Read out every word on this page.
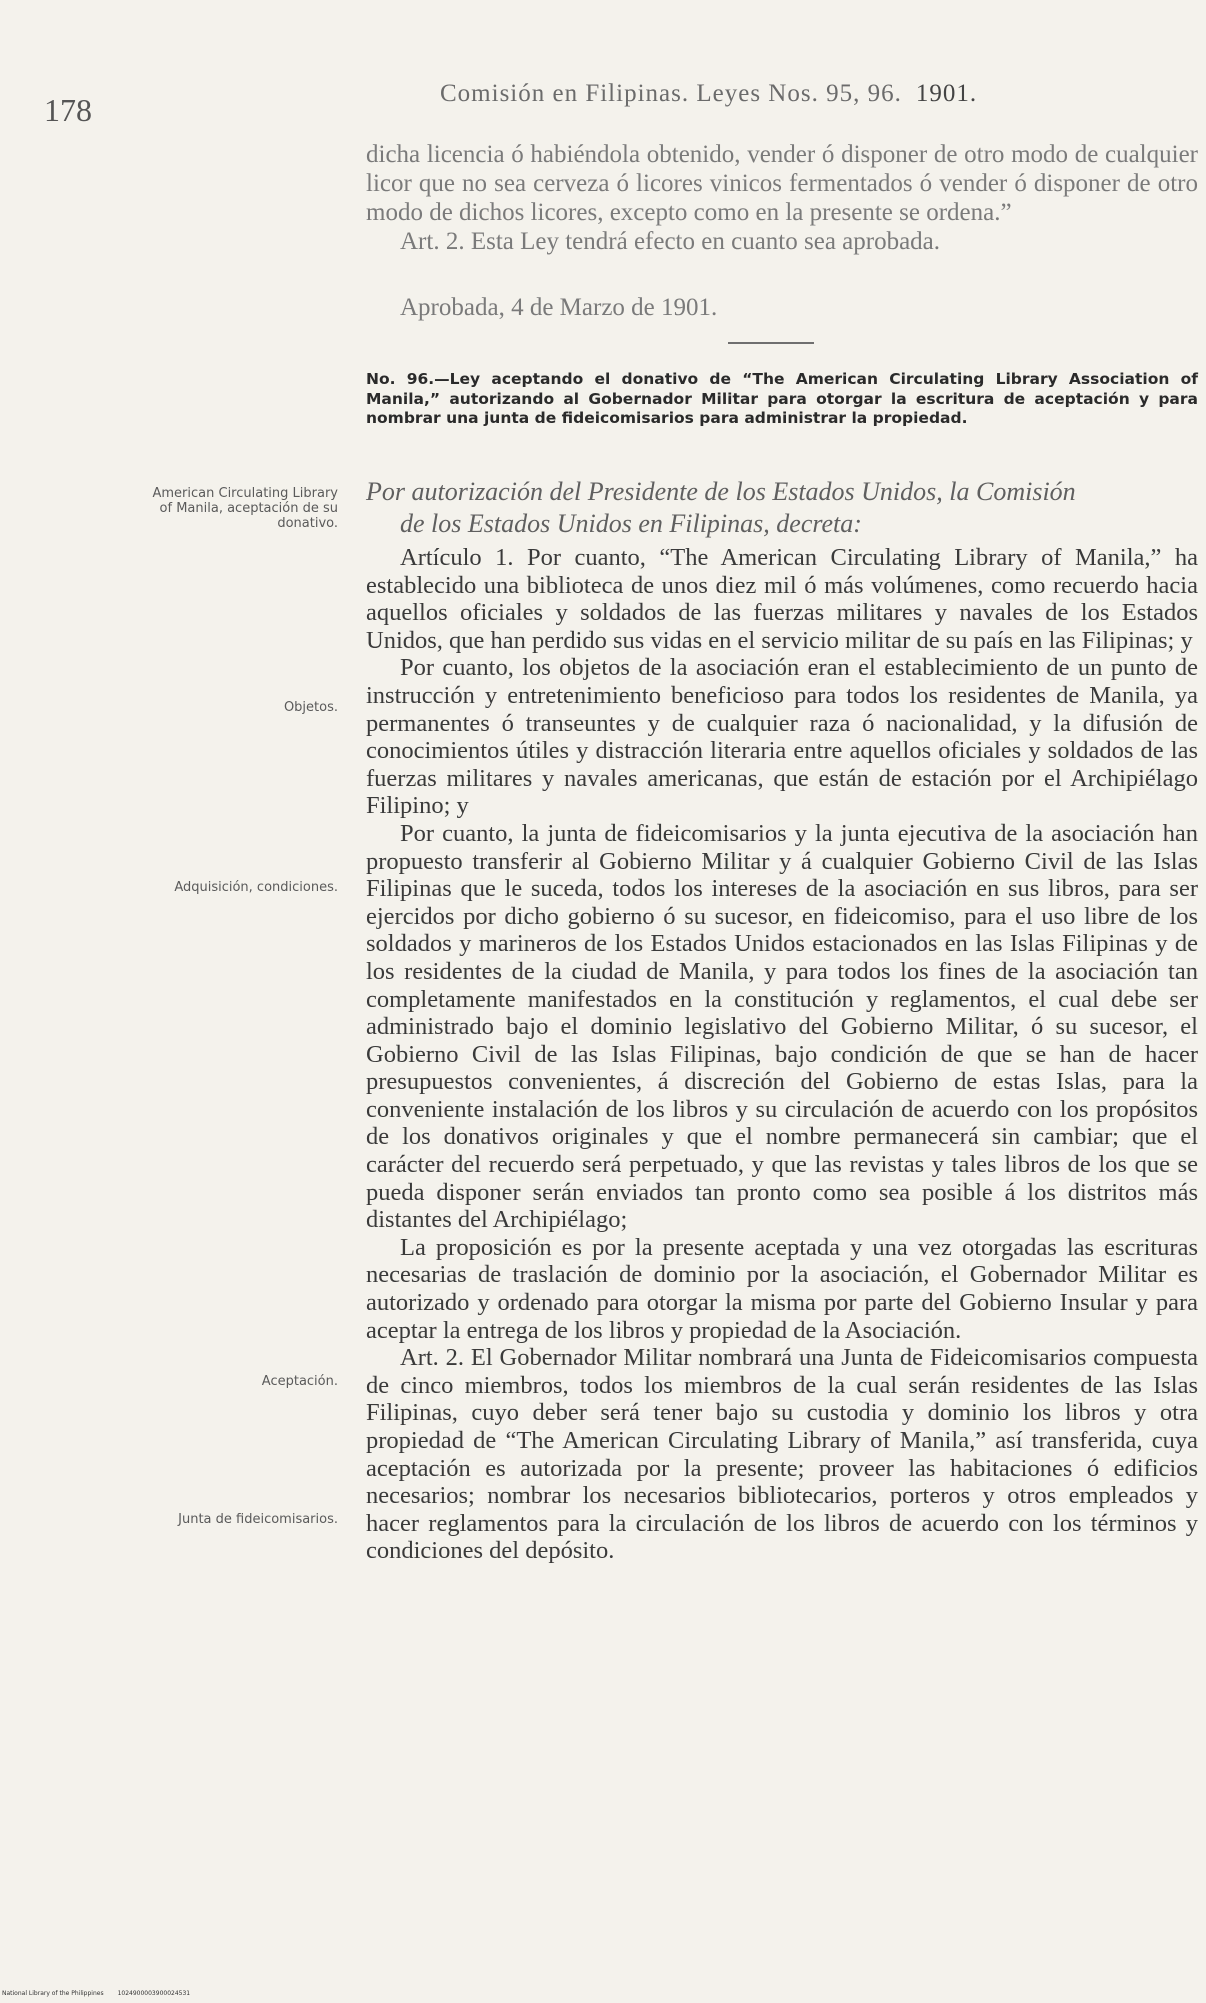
178	Comisión en Filipinas. Leyes Nos. 95, 96. 1901.

dicha licencia ó habiéndola obtenido, vender ó disponer de otro modo de cualquier licor que no sea cerveza ó licores vinicos fermentados ó vender ó disponer de otro modo de dichos licores, excepto como en la presente se ordena.”

Art. 2. Esta Ley tendrá efecto en cuanto sea aprobada.

Aprobada, 4 de Marzo de 1901.
No. 96.—Ley aceptando el donativo de “The American Circulating Library Association of Manila,” autorizando al Gobernador Militar para otorgar la escritura de aceptación y para nombrar una junta de fideicomisarios para administrar la propiedad.
Por autorización del Presidente de los Estados Unidos, la Comisión
de los Estados Unidos en Filipinas, decreta:

Artículo 1. Por cuanto, “The American Circulating Library of Manila,” ha establecido una biblioteca de unos diez mil ó más volúmenes, como recuerdo hacia aquellos oficiales y soldados de las fuerzas militares y navales de los Estados Unidos, que han perdido sus vidas en el servicio militar de su país en las Filipinas; y

Por cuanto, los objetos de la asociación eran el establecimiento de un punto de instrucción y entretenimiento beneficioso para todos los residentes de Manila, ya permanentes ó transeuntes y de cualquier raza ó nacionalidad, y la difusión de conocimientos útiles y distracción literaria entre aquellos oficiales y soldados de las fuerzas militares y navales americanas, que están de estación por el Archipiélago Filipino; y

Por cuanto, la junta de fideicomisarios y la junta ejecutiva de la asociación han propuesto transferir al Gobierno Militar y á cualquier Gobierno Civil de las Islas Filipinas que le suceda, todos los intereses de la asociación en sus libros, para ser ejercidos por dicho gobierno ó su sucesor, en fideicomiso, para el uso libre de los soldados y marineros de los Estados Unidos estacionados en las Islas Filipinas y de los residentes de la ciudad de Manila, y para todos los fines de la asociación tan completamente manifestados en la constitución y reglamentos, el cual debe ser administrado bajo el dominio legislativo del Gobierno Militar, ó su sucesor, el Gobierno Civil de las Islas Filipinas, bajo condición de que se han de hacer presupuestos convenientes, á discreción del Gobierno de estas Islas, para la conveniente instalación de los libros y su circulación de acuerdo con los propósitos de los donativos originales y que el nombre permanecerá sin cambiar; que el carácter del recuerdo será perpetuado, y que las revistas y tales libros de los que se pueda disponer serán enviados tan pronto como sea posible á los distritos más distantes del Archipiélago;

La proposición es por la presente aceptada y una vez otorgadas las escrituras necesarias de traslación de dominio por la asociación, el Gobernador Militar es autorizado y ordenado para otorgar la misma por parte del Gobierno Insular y para aceptar la entrega de los libros y propiedad de la Asociación.

Art. 2. El Gobernador Militar nombrará una Junta de Fideicomisarios compuesta de cinco miembros, todos los miembros de la cual serán residentes de las Islas Filipinas, cuyo deber será tener bajo su custodia y dominio los libros y otra propiedad de “The American Circulating Library of Manila,” así transferida, cuya aceptación es autorizada por la presente; proveer las habitaciones ó edificios necesarios; nombrar los necesarios bibliotecarios, porteros y otros empleados y hacer reglamentos para la circulación de los libros de acuerdo con los términos y condiciones del depósito.

American Circulating Library of Manila, aceptación de su donativo.
Objetos.
Adquisición, condiciones.
Aceptación.
Junta de fideicomisarios.
National Library of the Philippines 1024900003900024531
